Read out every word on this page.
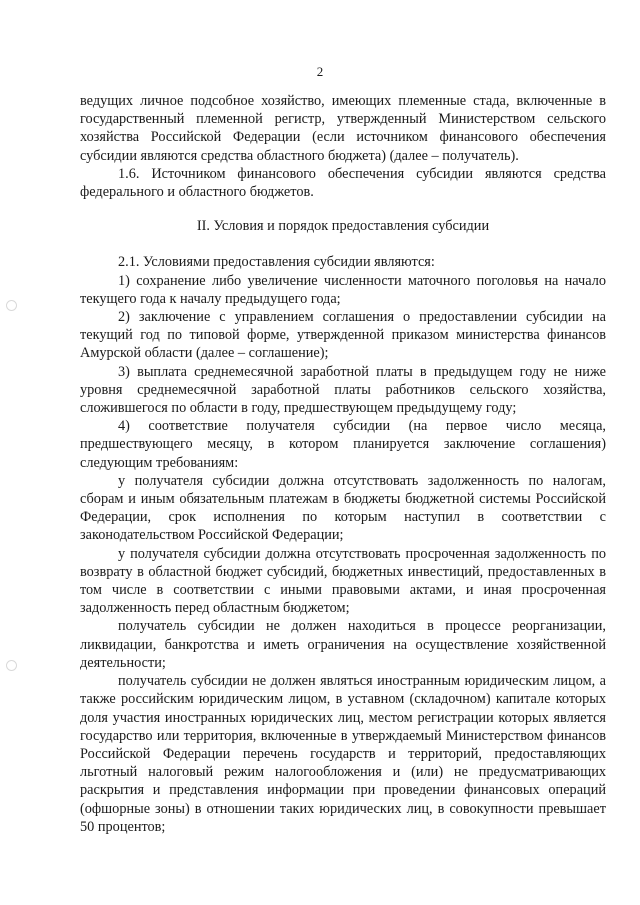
2

ведущих личное подсобное хозяйство, имеющих племенные стада, включенные в государственный племенной регистр, утвержденный Министерством сельского хозяйства Российской Федерации (если источником финансового обеспечения субсидии являются средства областного бюджета) (далее – получатель).

1.6. Источником финансового обеспечения субсидии являются средства федерального и областного бюджетов.

II. Условия и порядок предоставления субсидии

2.1. Условиями предоставления субсидии являются:

1) сохранение либо увеличение численности маточного поголовья на начало текущего года к началу предыдущего года;

2) заключение с управлением соглашения о предоставлении субсидии на текущий год по типовой форме, утвержденной приказом министерства финансов Амурской области (далее – соглашение);

3) выплата среднемесячной заработной платы в предыдущем году не ниже уровня среднемесячной заработной платы работников сельского хозяйства, сложившегося по области в году, предшествующем предыдущему году;

4) соответствие получателя субсидии (на первое число месяца, предшествующего месяцу, в котором планируется заключение соглашения) следующим требованиям:

у получателя субсидии должна отсутствовать задолженность по налогам, сборам и иным обязательным платежам в бюджеты бюджетной системы Российской Федерации, срок исполнения по которым наступил в соответствии с законодательством Российской Федерации;

у получателя субсидии должна отсутствовать просроченная задолженность по возврату в областной бюджет субсидий, бюджетных инвестиций, предоставленных в том числе в соответствии с иными правовыми актами, и иная просроченная задолженность перед областным бюджетом;

получатель субсидии не должен находиться в процессе реорганизации, ликвидации, банкротства и иметь ограничения на осуществление хозяйственной деятельности;

получатель субсидии не должен являться иностранным юридическим лицом, а также российским юридическим лицом, в уставном (складочном) капитале которых доля участия иностранных юридических лиц, местом регистрации которых является государство или территория, включенные в утверждаемый Министерством финансов Российской Федерации перечень государств и территорий, предоставляющих льготный налоговый режим налогообложения и (или) не предусматривающих раскрытия и представления информации при проведении финансовых операций (офшорные зоны) в отношении таких юридических лиц, в совокупности превышает 50 процентов;
